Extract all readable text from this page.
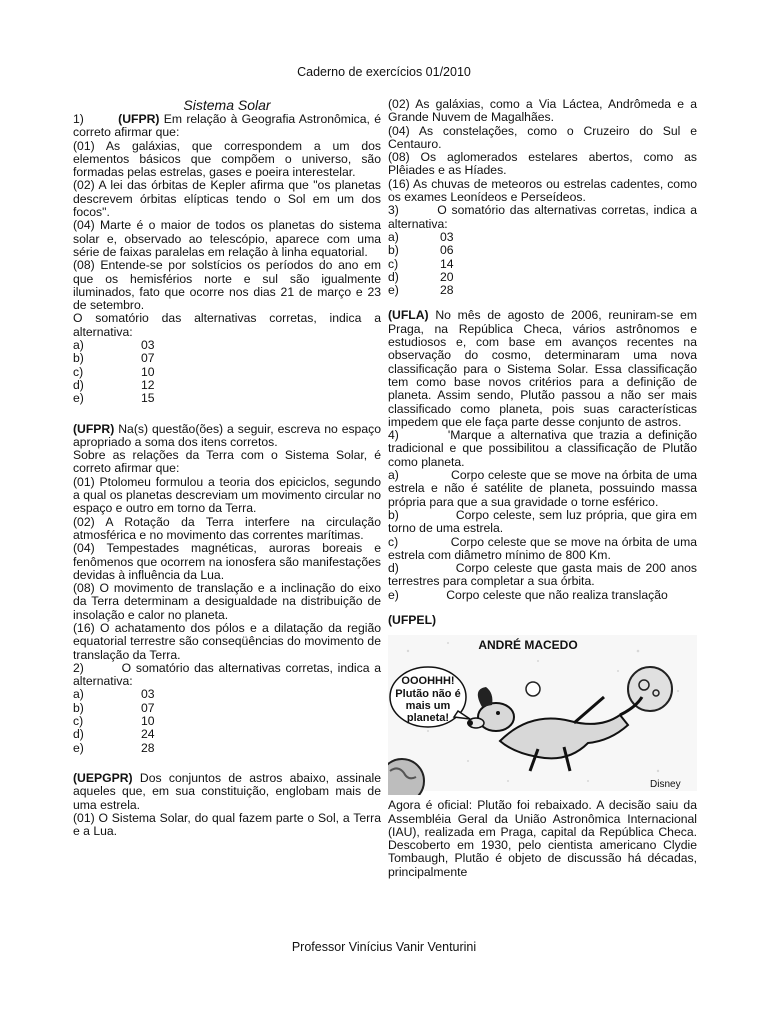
Caderno de exercícios 01/2010
Sistema Solar

1)	(UFPR) Em relação à Geografia Astronômica, é correto afirmar que:

(01) As galáxias, que correspondem a um dos elementos básicos que compõem o universo, são formadas pelas estrelas, gases e poeira interestelar.

(02) A lei das órbitas de Kepler afirma que "os planetas descrevem órbitas elípticas tendo o Sol em um dos focos".

(04) Marte é o maior de todos os planetas do sistema solar e, observado ao telescópio, aparece com uma série de faixas paralelas em relação à linha equatorial.

(08) Entende-se por solstícios os períodos do ano em que os hemisférios norte e sul são igualmente iluminados, fato que ocorre nos dias 21 de março e 23 de setembro.

O somatório das alternativas corretas, indica a alternativa:

a)	03
b)	07
c)	10
d)	12
e)	15

(UFPR) Na(s) questão(ões) a seguir, escreva no espaço apropriado a soma dos itens corretos.

Sobre as relações da Terra com o Sistema Solar, é correto afirmar que:

(01) Ptolomeu formulou a teoria dos epiciclos, segundo a qual os planetas descreviam um movimento circular no espaço e outro em torno da Terra.

(02) A Rotação da Terra interfere na circulação atmosférica e no movimento das correntes marítimas.

(04) Tempestades magnéticas, auroras boreais e fenômenos que ocorrem na ionosfera são manifestações devidas à influência da Lua.

(08) O movimento de translação e a inclinação do eixo da Terra determinam a desigualdade na distribuição de insolação e calor no planeta.

(16) O achatamento dos pólos e a dilatação da região equatorial terrestre são conseqüências do movimento de translação da Terra.

2)        O somatório das alternativas corretas, indica a alternativa:

a)	03
b)	07
c)	10
d)	24
e)	28

(UEPGPR) Dos conjuntos de astros abaixo, assinale aqueles que, em sua constituição, englobam mais de uma estrela.

(01) O Sistema Solar, do qual fazem parte o Sol, a Terra e a Lua.

(02) As galáxias, como a Via Láctea, Andrômeda e a Grande Nuvem de Magalhães.

(04) As constelações, como o Cruzeiro do Sul e Centauro.

(08) Os aglomerados estelares abertos, como as Plêiades e as Híades.

(16) As chuvas de meteoros ou estrelas cadentes, como os exames Leonídeos e Perseídeos.

3)        O somatório das alternativas corretas, indica a alternativa:

a)	03
b)	06
c)	14
d)	20
e)	28

(UFLA) No mês de agosto de 2006, reuniram-se em Praga, na República Checa, vários astrônomos e estudiosos e, com base em avanços recentes na observação do cosmo, determinaram uma nova classificação para o Sistema Solar. Essa classificação tem como base novos critérios para a definição de planeta. Assim sendo, Plutão passou a não ser mais classificado como planeta, pois suas características impedem que ele faça parte desse conjunto de astros.

4)        'Marque a alternativa que trazia a definição tradicional e que possibilitou a classificação de Plutão como planeta.

a)	Corpo celeste que se move na órbita de uma estrela e não é satélite de planeta, possuindo massa própria para que a sua gravidade o torne esférico.

b)	Corpo celeste, sem luz própria, que gira em torno de uma estrela.

c)	Corpo celeste que se move na órbita de uma estrela com diâmetro mínimo de 800 Km.

d)	Corpo celeste que gasta mais de 200 anos terrestres para completar a sua órbita.

e)	Corpo celeste que não realiza translação

(UFPEL)

OOOHHH!
Plutão não é
mais um
planeta!
ANDRÉ MACEDO
Disney

Agora é oficial: Plutão foi rebaixado. A decisão saiu da Assembléia Geral da União Astronômica Internacional (IAU), realizada em Praga, capital da República Checa. Descoberto em 1930, pelo cientista americano Clydie Tombaugh, Plutão é objeto de discussão há décadas, principalmente

Professor Vinícius Vanir Venturini
